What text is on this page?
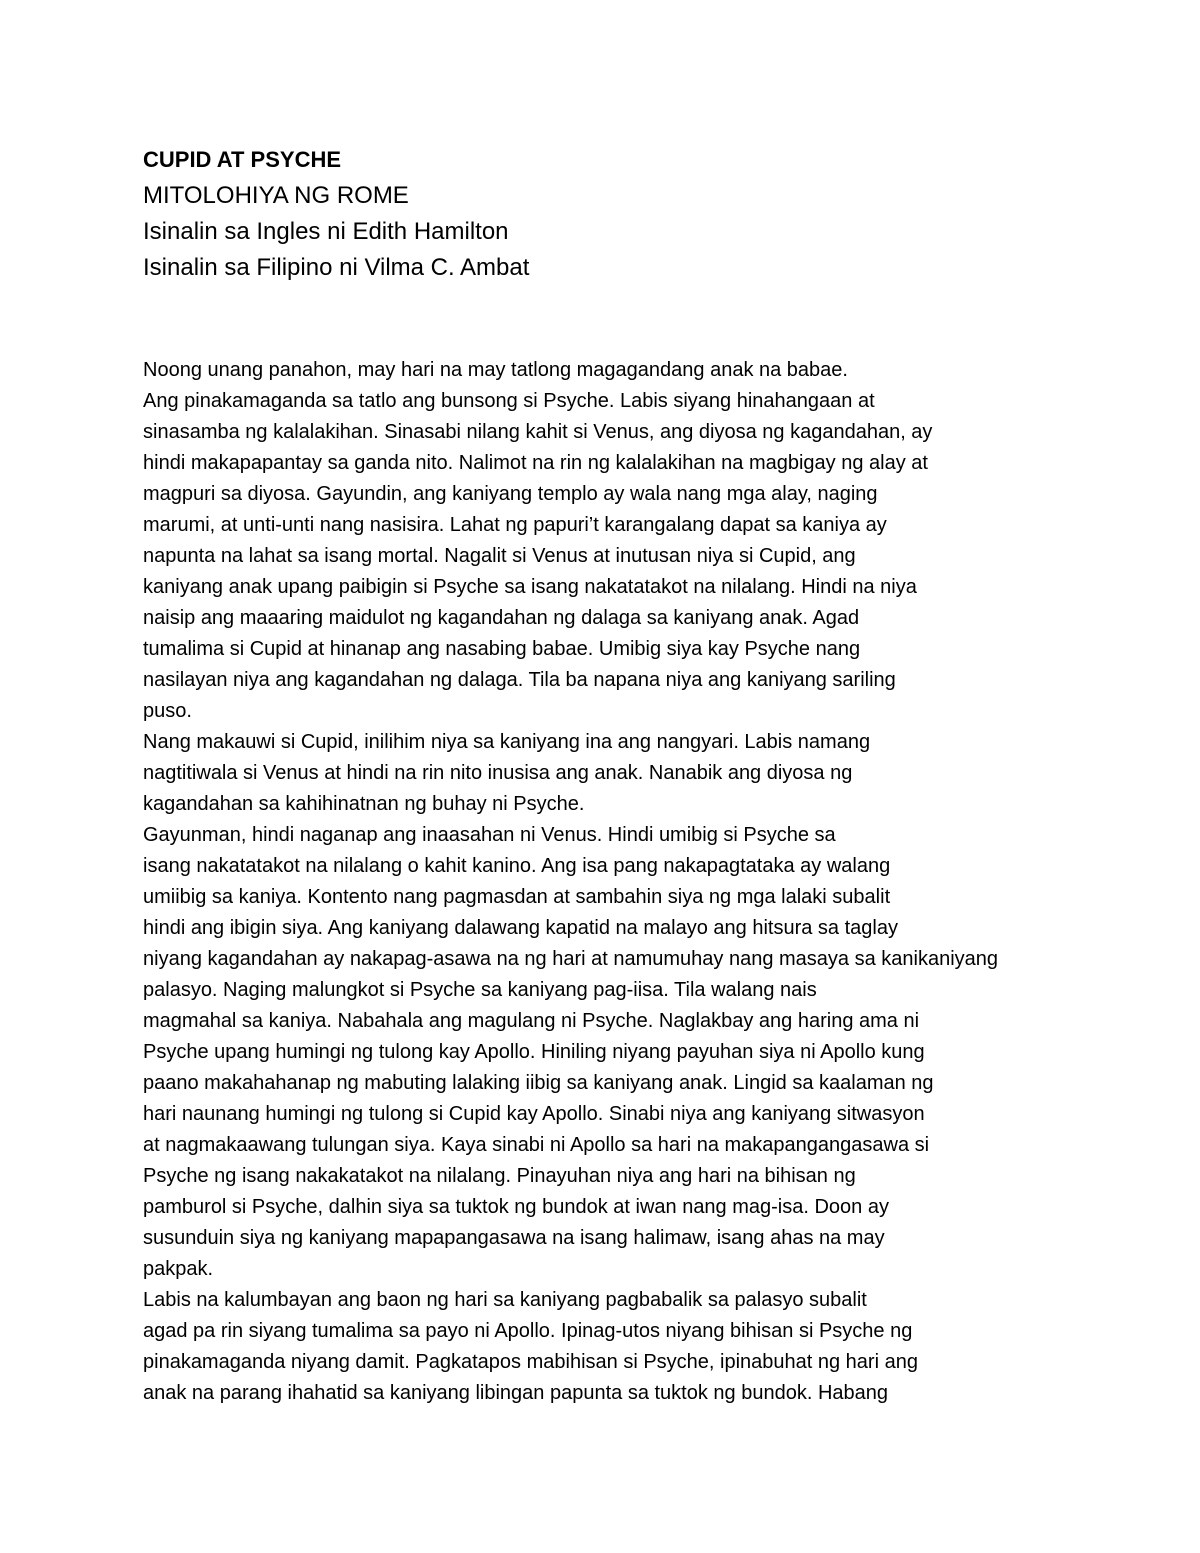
CUPID AT PSYCHE
MITOLOHIYA NG ROME
Isinalin sa Ingles ni Edith Hamilton
Isinalin sa Filipino ni Vilma C. Ambat
Noong unang panahon, may hari na may tatlong magagandang anak na babae.
Ang pinakamaganda sa tatlo ang bunsong si Psyche. Labis siyang hinahangaan at
sinasamba ng kalalakihan. Sinasabi nilang kahit si Venus, ang diyosa ng kagandahan, ay
hindi makapapantay sa ganda nito. Nalimot na rin ng kalalakihan na magbigay ng alay at
magpuri sa diyosa. Gayundin, ang kaniyang templo ay wala nang mga alay, naging
marumi, at unti-unti nang nasisira. Lahat ng papuri’t karangalang dapat sa kaniya ay
napunta na lahat sa isang mortal. Nagalit si Venus at inutusan niya si Cupid, ang
kaniyang anak upang paibigin si Psyche sa isang nakatatakot na nilalang. Hindi na niya
naisip ang maaaring maidulot ng kagandahan ng dalaga sa kaniyang anak. Agad
tumalima si Cupid at hinanap ang nasabing babae. Umibig siya kay Psyche nang
nasilayan niya ang kagandahan ng dalaga. Tila ba napana niya ang kaniyang sariling
puso.
Nang makauwi si Cupid, inilihim niya sa kaniyang ina ang nangyari. Labis namang
nagtitiwala si Venus at hindi na rin nito inusisa ang anak. Nanabik ang diyosa ng
kagandahan sa kahihinatnan ng buhay ni Psyche.
Gayunman, hindi naganap ang inaasahan ni Venus. Hindi umibig si Psyche sa
isang nakatatakot na nilalang o kahit kanino. Ang isa pang nakapagtataka ay walang
umiibig sa kaniya. Kontento nang pagmasdan at sambahin siya ng mga lalaki subalit
hindi ang ibigin siya. Ang kaniyang dalawang kapatid na malayo ang hitsura sa taglay
niyang kagandahan ay nakapag-asawa na ng hari at namumuhay nang masaya sa kanikaniyang
palasyo. Naging malungkot si Psyche sa kaniyang pag-iisa. Tila walang nais
magmahal sa kaniya. Nabahala ang magulang ni Psyche. Naglakbay ang haring ama ni
Psyche upang humingi ng tulong kay Apollo. Hiniling niyang payuhan siya ni Apollo kung
paano makahahanap ng mabuting lalaking iibig sa kaniyang anak. Lingid sa kaalaman ng
hari naunang humingi ng tulong si Cupid kay Apollo. Sinabi niya ang kaniyang sitwasyon
at nagmakaawang tulungan siya. Kaya sinabi ni Apollo sa hari na makapangangasawa si
Psyche ng isang nakakatakot na nilalang. Pinayuhan niya ang hari na bihisan ng
pamburol si Psyche, dalhin siya sa tuktok ng bundok at iwan nang mag-isa. Doon ay
susunduin siya ng kaniyang mapapangasawa na isang halimaw, isang ahas na may
pakpak.
Labis na kalumbayan ang baon ng hari sa kaniyang pagbabalik sa palasyo subalit
agad pa rin siyang tumalima sa payo ni Apollo. Ipinag-utos niyang bihisan si Psyche ng
pinakamaganda niyang damit. Pagkatapos mabihisan si Psyche, ipinabuhat ng hari ang
anak na parang ihahatid sa kaniyang libingan papunta sa tuktok ng bundok. Habang
